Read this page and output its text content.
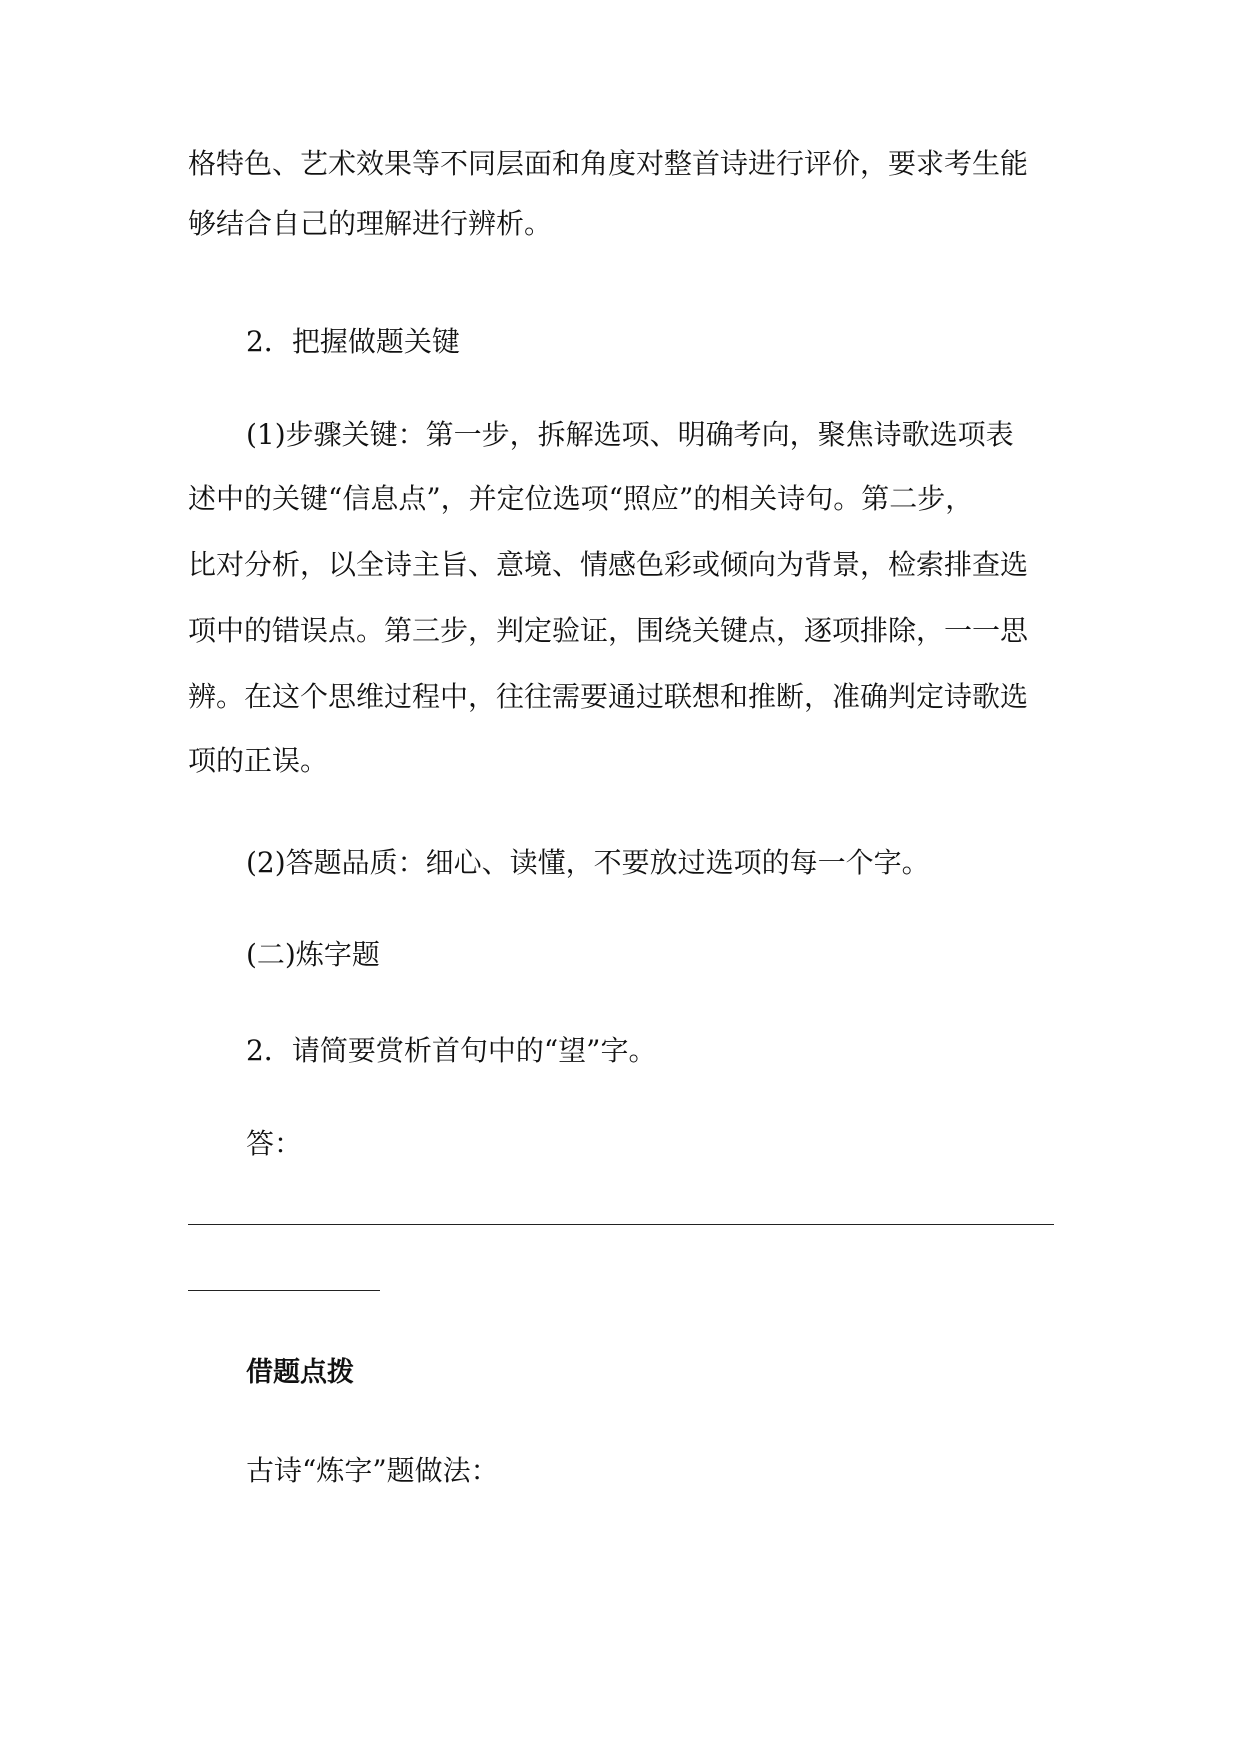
格特色、艺术效果等不同层面和角度对整首诗进行评价，要求考生能

够结合自己的理解进行辨析。

2．把握做题关键

(1)步骤关键：第一步，拆解选项、明确考向，聚焦诗歌选项表

述中的关键“信息点”，并定位选项“照应”的相关诗句。第二步，

比对分析，以全诗主旨、意境、情感色彩或倾向为背景，检索排查选

项中的错误点。第三步，判定验证，围绕关键点，逐项排除，一一思

辨。在这个思维过程中，往往需要通过联想和推断，准确判定诗歌选

项的正误。

(2)答题品质：细心、读懂，不要放过选项的每一个字。

(二)炼字题

2．请简要赏析首句中的“望”字。

答：

借题点拨

古诗“炼字”题做法：
